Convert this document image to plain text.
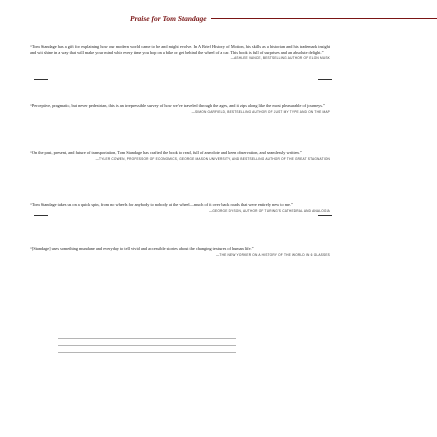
Praise for Tom Standage

“Tom Standage has a gift for explaining how our modern world came to be and might evolve. In A Brief History of Motion, his skills as a historian and his trademark insight and wit shine in a way that will make your mind whir every time you hop on a bike or get behind the wheel of a car. This book is full of surprises and an absolute delight.”

—ASHLEE VANCE, BESTSELLING AUTHOR OF ELON MUSK

“Perceptive, pragmatic, but never pedestrian, this is an irrepressible survey of how we've traveled through the ages, and it zips along like the most pleasurable of journeys.”

—SIMON GARFIELD, BESTSELLING AUTHOR OF JUST MY TYPE AND ON THE MAP

“On the past, present, and future of transportation, Tom Standage has crafted the book to read, full of anecdote and keen observation, and seamlessly written.”

—TYLER COWEN, PROFESSOR OF ECONOMICS, GEORGE MASON UNIVERSITY, AND BESTSELLING AUTHOR OF THE GREAT STAGNATION

“Tom Standage takes us on a quick spin, from no wheels for anybody to nobody at the wheel—much of it over back roads that were entirely new to me.”

—GEORGE DYSON, AUTHOR OF TURING'S CATHEDRAL AND ANALOGIA

“[Standage] uses something mundane and everyday to tell vivid and accessible stories about the changing textures of human life.”

—THE NEW YORKER ON A HISTORY OF THE WORLD IN 6 GLASSES
